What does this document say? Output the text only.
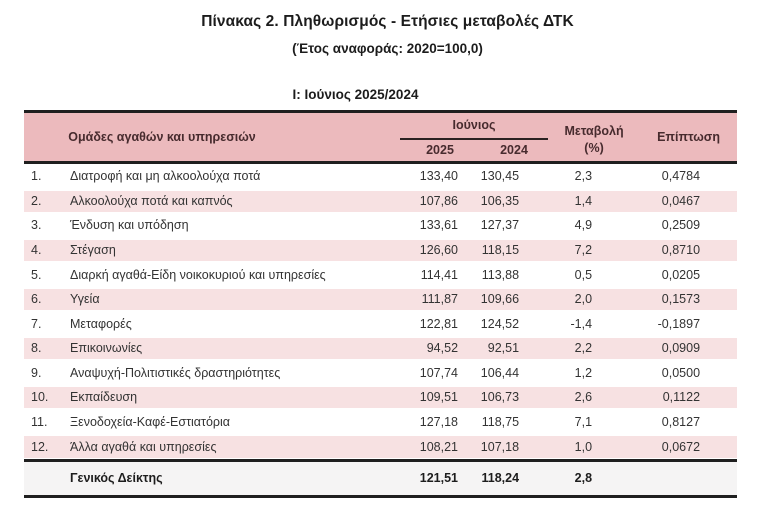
Πίνακας 2. Πληθωρισμός - Ετήσιες μεταβολές ΔΤΚ
(Έτος αναφοράς: 2020=100,0)
Ι: Ιούνιος 2025/2024
Ομάδες αγαθών και υπηρεσιών		Ιούνιος		Μεταβολή	Επίπτωση
		2025	2024	(%)	
1.	Διατροφή και μη αλκοολούχα ποτά	133,40	130,45	2,3	0,4784
2.	Αλκοολούχα ποτά και καπνός	107,86	106,35	1,4	0,0467
3.	Ένδυση και υπόδηση	133,61	127,37	4,9	0,2509
4.	Στέγαση	126,60	118,15	7,2	0,8710
5.	Διαρκή αγαθά-Είδη νοικοκυριού και υπηρεσίες	114,41	113,88	0,5	0,0205
6.	Υγεία	111,87	109,66	2,0	0,1573
7.	Μεταφορές	122,81	124,52	-1,4	-0,1897
8.	Επικοινωνίες	94,52	92,51	2,2	0,0909
9.	Αναψυχή-Πολιτιστικές δραστηριότητες	107,74	106,44	1,2	0,0500
10.	Εκπαίδευση	109,51	106,73	2,6	0,1122
11.	Ξενοδοχεία-Καφέ-Εστιατόρια	127,18	118,75	7,1	0,8127
12.	Άλλα αγαθά και υπηρεσίες	108,21	107,18	1,0	0,0672
Γενικός Δείκτης		121,51	118,24	2,8	
